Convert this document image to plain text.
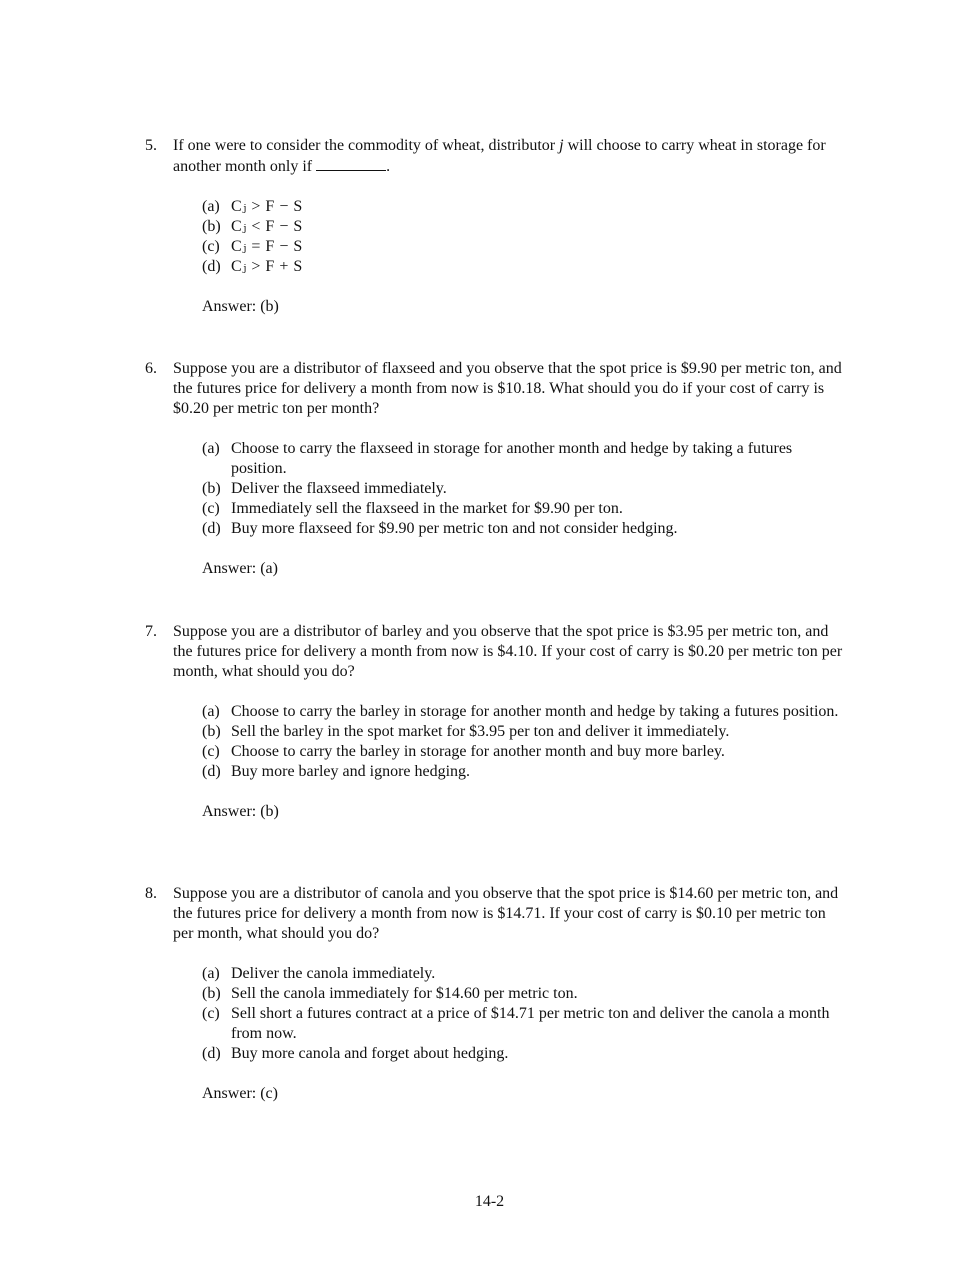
5. If one were to consider the commodity of wheat, distributor j will choose to carry wheat in storage for another month only if	.
(a) Cⱼ > F − S
(b) Cⱼ < F − S
(c) Cⱼ = F − S
(d) Cⱼ > F + S
Answer: (b)
6. Suppose you are a distributor of flaxseed and you observe that the spot price is $9.90 per metric ton, and the futures price for delivery a month from now is $10.18. What should you do if your cost of carry is $0.20 per metric ton per month?
(a) Choose to carry the flaxseed in storage for another month and hedge by taking a futures position.
(b) Deliver the flaxseed immediately.
(c) Immediately sell the flaxseed in the market for $9.90 per ton.
(d) Buy more flaxseed for $9.90 per metric ton and not consider hedging.
Answer: (a)
7. Suppose you are a distributor of barley and you observe that the spot price is $3.95 per metric ton, and the futures price for delivery a month from now is $4.10. If your cost of carry is $0.20 per metric ton per month, what should you do?
(a) Choose to carry the barley in storage for another month and hedge by taking a futures position.
(b) Sell the barley in the spot market for $3.95 per ton and deliver it immediately.
(c) Choose to carry the barley in storage for another month and buy more barley.
(d) Buy more barley and ignore hedging.
Answer: (b)
8. Suppose you are a distributor of canola and you observe that the spot price is $14.60 per metric ton, and the futures price for delivery a month from now is $14.71. If your cost of carry is $0.10 per metric ton per month, what should you do?
(a) Deliver the canola immediately.
(b) Sell the canola immediately for $14.60 per metric ton.
(c) Sell short a futures contract at a price of $14.71 per metric ton and deliver the canola a month from now.
(d) Buy more canola and forget about hedging.
Answer: (c)
14-2
